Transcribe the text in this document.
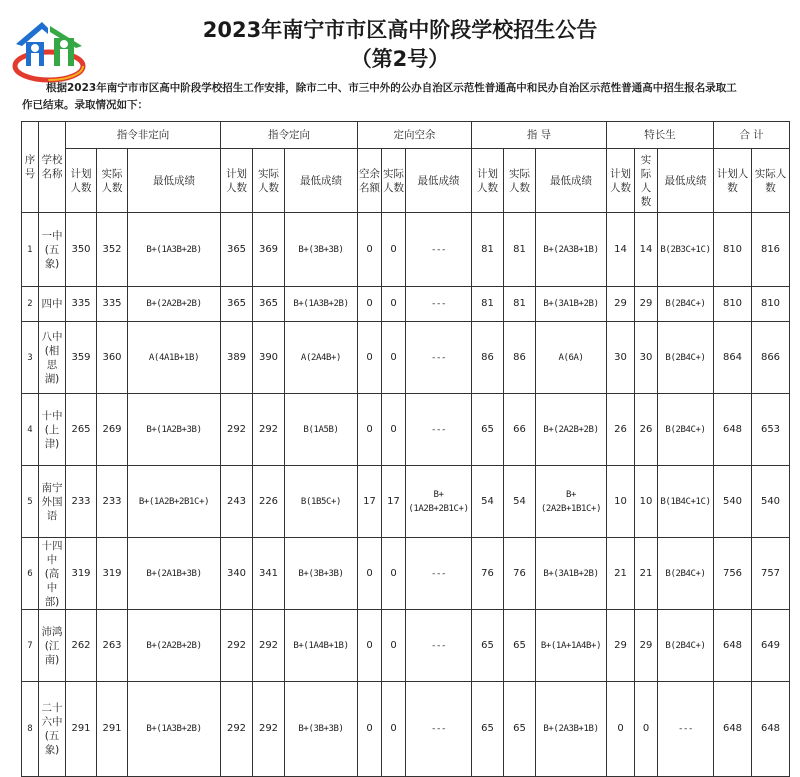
2023年南宁市市区高中阶段学校招生公告
（第2号）
根据2023年南宁市市区高中阶段学校招生工作安排，除市二中、市三中外的公办自治区示范性普通高中和民办自治区示范性普通高中招生报名录取工
作已结束。录取情况如下：
序号	学校名称	指令非定向			指令定向			定向空余			指 导			特长生			合 计	
		计划人数	实际人数	最低成绩	计划人数	实际人数	最低成绩	空余名额	实际人数	最低成绩	计划人数	实际人数	最低成绩	计划人数	实际人数	最低成绩	计划人数	实际人数
1	一中(五象)	350	352	B+(1A3B+2B)	365	369	B+(3B+3B)	0	0	---	81	81	B+(2A3B+1B)	14	14	B(2B3C+1C)	810	816
2	四中	335	335	B+(2A2B+2B)	365	365	B+(1A3B+2B)	0	0	---	81	81	B+(3A1B+2B)	29	29	B(2B4C+)	810	810
3	八中(相思湖)	359	360	A(4A1B+1B)	389	390	A(2A4B+)	0	0	---	86	86	A(6A)	30	30	B(2B4C+)	864	866
4	十中(上津)	265	269	B+(1A2B+3B)	292	292	B(1A5B)	0	0	---	65	66	B+(2A2B+2B)	26	26	B(2B4C+)	648	653
5	南宁外国语	233	233	B+(1A2B+2B1C+)	243	226	B(1B5C+)	17	17	B+ (1A2B+2B1C+)	54	54	B+ (2A2B+1B1C+)	10	10	B(1B4C+1C)	540	540
6	十四中(高中部)	319	319	B+(2A1B+3B)	340	341	B+(3B+3B)	0	0	---	76	76	B+(3A1B+2B)	21	21	B(2B4C+)	756	757
7	沛鸿(江南)	262	263	B+(2A2B+2B)	292	292	B+(1A4B+1B)	0	0	---	65	65	B+(1A+1A4B+)	29	29	B(2B4C+)	648	649
8	二十六中(五象)	291	291	B+(1A3B+2B)	292	292	B+(3B+3B)	0	0	---	65	65	B+(2A3B+1B)	0	0	---	648	648
